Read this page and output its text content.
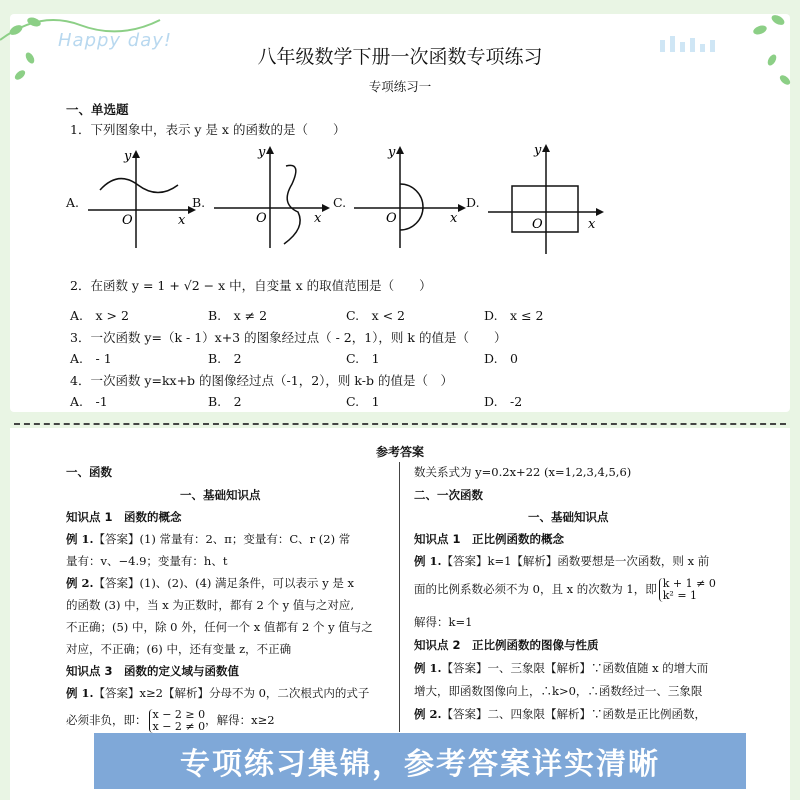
Happy day!
八年级数学下册一次函数专项练习
专项练习一
一、单选题
1．下列图象中，表示 y 是 x 的函数的是（　　）
A.
y
x
O
B.
y
x
O
C.
y
x
O
D.
y
x
O
2．在函数 y = 1 + √2 − x 中，自变量 x 的取值范围是（　　）
A.　x > 2	B.　x ≠ 2	C.　x < 2	D.　x ≤ 2
3．一次函数 y=（k - 1）x+3 的图象经过点（ - 2，1），则 k 的值是（　　）
A.　- 1	B.　2	C.　1	D.　0
4．一次函数 y=kx+b 的图像经过点（-1，2），则 k-b 的值是（　）
A.　-1	B.　2	C.　1	D.　-2
参考答案
一、函数
一、基础知识点
知识点 1　函数的概念
例 1.【答案】(1) 常量有：2、π；变量有：C、r (2) 常
量有：v、−4.9；变量有：h、t
例 2.【答案】(1)、(2)、(4) 满足条件，可以表示 y 是 x
的函数 (3) 中，当 x 为正数时，都有 2 个 y 值与之对应,
不正确；(5) 中，除 0 外，任何一个 x 值都有 2 个 y 值与之
对应，不正确；(6) 中，还有变量 z，不正确
知识点 3　函数的定义域与函数值
例 1.【答案】x≥2【解析】分母不为 0，二次根式内的式子
必须非负，即： x − 2 ≥ 0
x − 2 ≠ 0，解得：x≥2
数关系式为 y=0.2x+22 (x=1,2,3,4,5,6)
二、一次函数
一、基础知识点
知识点 1　正比例函数的概念
例 1.【答案】k=1【解析】函数要想是一次函数，则 x 前
面的比例系数必须不为 0，且 x 的次数为 1，即 k + 1 ≠ 0
k² = 1
解得：k=1
知识点 2　正比例函数的图像与性质
例 1.【答案】一、三象限【解析】∵函数值随 x 的增大而
增大，即函数图像向上，∴k>0，∴函数经过一、三象限
例 2.【答案】二、四象限【解析】∵函数是正比例函数，
专项练习集锦，参考答案详实清晰
